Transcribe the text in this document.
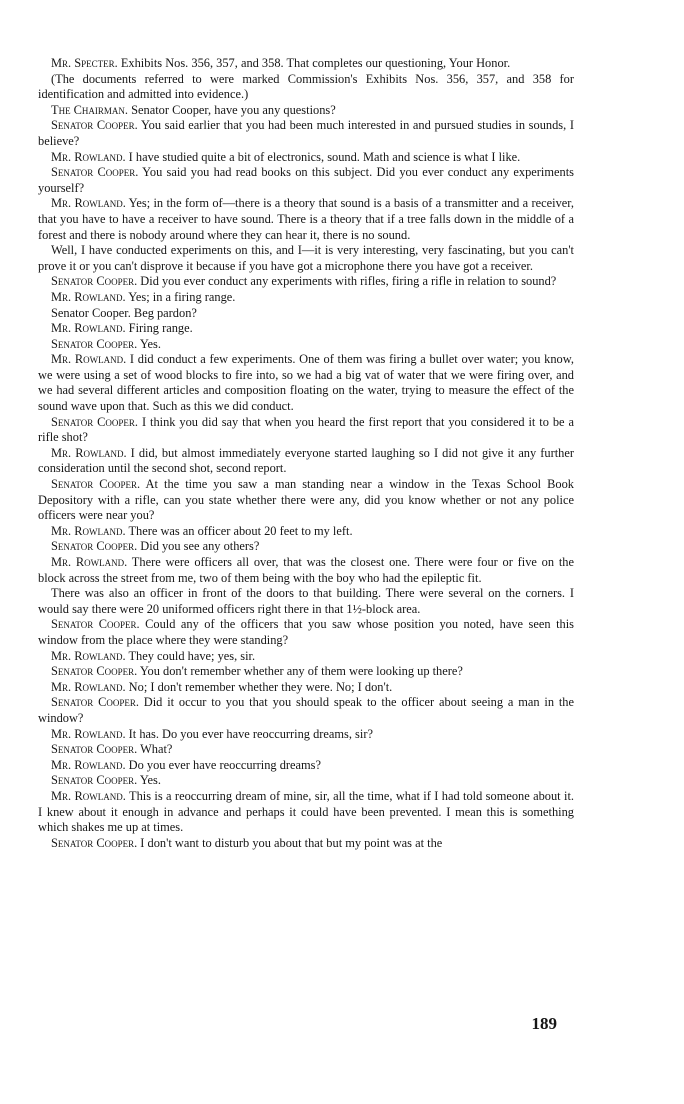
Mr. Specter. Exhibits Nos. 356, 357, and 358. That completes our questioning, Your Honor.

(The documents referred to were marked Commission's Exhibits Nos. 356, 357, and 358 for identification and admitted into evidence.)

The Chairman. Senator Cooper, have you any questions?

Senator Cooper. You said earlier that you had been much interested in and pursued studies in sounds, I believe?

Mr. Rowland. I have studied quite a bit of electronics, sound. Math and science is what I like.

Senator Cooper. You said you had read books on this subject. Did you ever conduct any experiments yourself?

Mr. Rowland. Yes; in the form of—there is a theory that sound is a basis of a transmitter and a receiver, that you have to have a receiver to have sound. There is a theory that if a tree falls down in the middle of a forest and there is nobody around where they can hear it, there is no sound.

Well, I have conducted experiments on this, and I—it is very interesting, very fascinating, but you can't prove it or you can't disprove it because if you have got a microphone there you have got a receiver.

Senator Cooper. Did you ever conduct any experiments with rifles, firing a rifle in relation to sound?

Mr. Rowland. Yes; in a firing range.

Senator Cooper. Beg pardon?

Mr. Rowland. Firing range.

Senator Cooper. Yes.

Mr. Rowland. I did conduct a few experiments. One of them was firing a bullet over water; you know, we were using a set of wood blocks to fire into, so we had a big vat of water that we were firing over, and we had several different articles and composition floating on the water, trying to measure the effect of the sound wave upon that. Such as this we did conduct.

Senator Cooper. I think you did say that when you heard the first report that you considered it to be a rifle shot?

Mr. Rowland. I did, but almost immediately everyone started laughing so I did not give it any further consideration until the second shot, second report.

Senator Cooper. At the time you saw a man standing near a window in the Texas School Book Depository with a rifle, can you state whether there were any, did you know whether or not any police officers were near you?

Mr. Rowland. There was an officer about 20 feet to my left.

Senator Cooper. Did you see any others?

Mr. Rowland. There were officers all over, that was the closest one. There were four or five on the block across the street from me, two of them being with the boy who had the epileptic fit.

There was also an officer in front of the doors to that building. There were several on the corners. I would say there were 20 uniformed officers right there in that 1½-block area.

Senator Cooper. Could any of the officers that you saw whose position you noted, have seen this window from the place where they were standing?

Mr. Rowland. They could have; yes, sir.

Senator Cooper. You don't remember whether any of them were looking up there?

Mr. Rowland. No; I don't remember whether they were. No; I don't.

Senator Cooper. Did it occur to you that you should speak to the officer about seeing a man in the window?

Mr. Rowland. It has. Do you ever have reoccurring dreams, sir?

Senator Cooper. What?

Mr. Rowland. Do you ever have reoccurring dreams?

Senator Cooper. Yes.

Mr. Rowland. This is a reoccurring dream of mine, sir, all the time, what if I had told someone about it. I knew about it enough in advance and perhaps it could have been prevented. I mean this is something which shakes me up at times.

Senator Cooper. I don't want to disturb you about that but my point was at the

189
